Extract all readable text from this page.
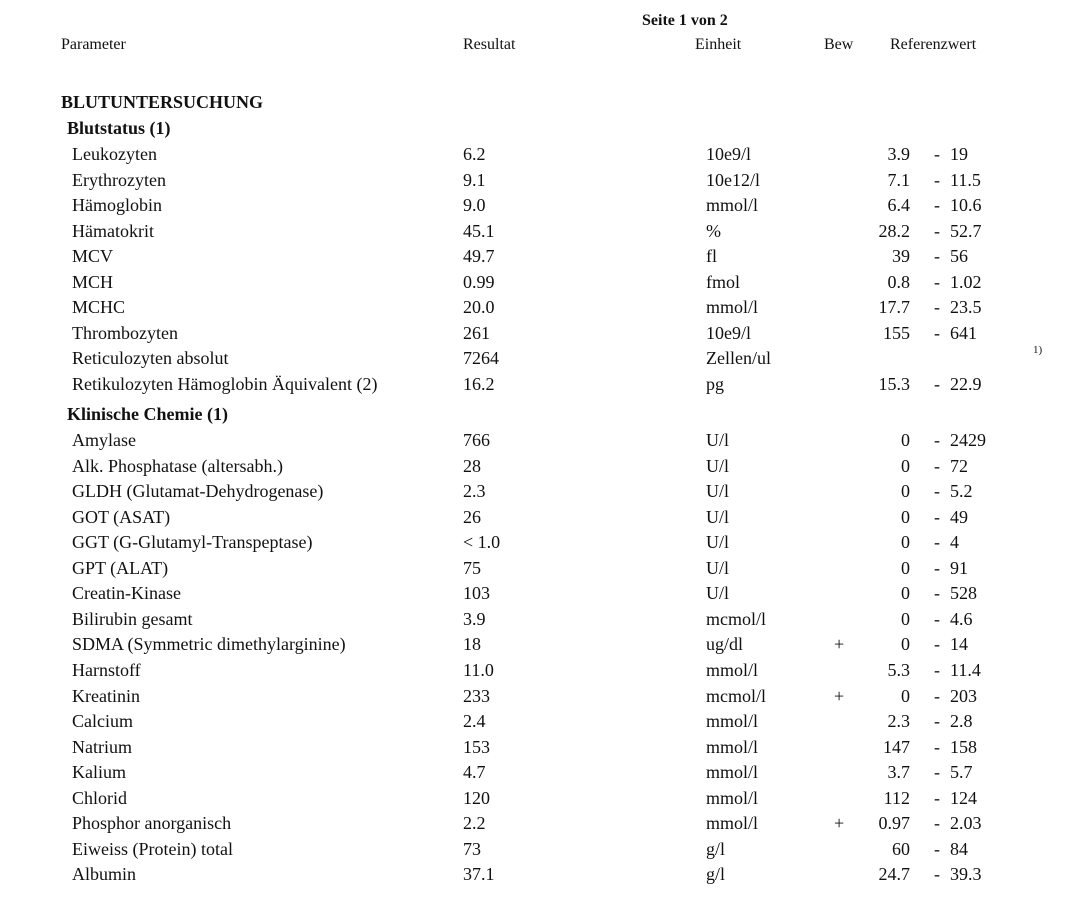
Seite 1 von 2
Parameter	Resultat	Einheit	Bew Referenzwert
BLUTUNTERSUCHUNG
Blutstatus (1)
Leukozyten	6.2	10e9/l	3.9 - 19
Erythrozyten	9.1	10e12/l	7.1 - 11.5
Hämoglobin	9.0	mmol/l	6.4 - 10.6
Hämatokrit	45.1	%	28.2 - 52.7
MCV	49.7	fl	39 - 56
MCH	0.99	fmol	0.8 - 1.02
MCHC	20.0	mmol/l	17.7 - 23.5
Thrombozyten	261	10e9/l	155 - 641
Reticulozyten absolut	7264	Zellen/ul	1)
Retikulozyten Hämoglobin Äquivalent (2)	16.2	pg	15.3 - 22.9
Klinische Chemie (1)
Amylase	766	U/l	0 - 2429
Alk. Phosphatase (altersabh.)	28	U/l	0 - 72
GLDH (Glutamat-Dehydrogenase)	2.3	U/l	0 - 5.2
GOT (ASAT)	26	U/l	0 - 49
GGT (G-Glutamyl-Transpeptase)	< 1.0	U/l	0 - 4
GPT (ALAT)	75	U/l	0 - 91
Creatin-Kinase	103	U/l	0 - 528
Bilirubin gesamt	3.9	mcmol/l	0 - 4.6
SDMA (Symmetric dimethylarginine)	18	ug/dl	+	0 - 14
Harnstoff	11.0	mmol/l	5.3 - 11.4
Kreatinin	233	mcmol/l	+	0 - 203
Calcium	2.4	mmol/l	2.3 - 2.8
Natrium	153	mmol/l	147 - 158
Kalium	4.7	mmol/l	3.7 - 5.7
Chlorid	120	mmol/l	112 - 124
Phosphor anorganisch	2.2	mmol/l	+ 0.97 - 2.03
Eiweiss (Protein) total	73	g/l	60 - 84
Albumin	37.1	g/l	24.7 - 39.3
